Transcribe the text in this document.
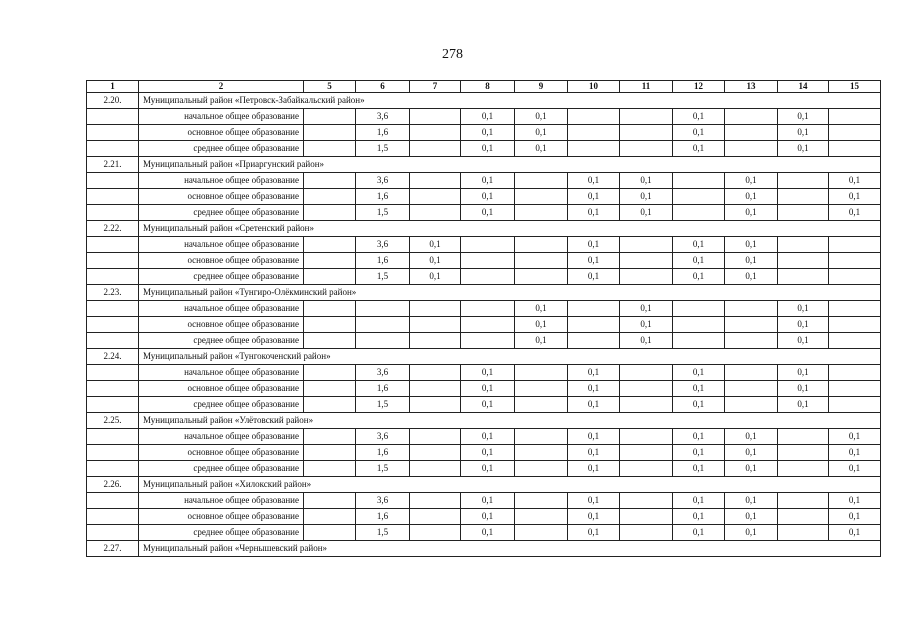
278
1	2	5	6	7	8	9	10	11	12	13	14	15
2.20.	Муниципальный район «Петровск-Забайкальский район»											
	начальное общее образование		3,6		0,1	0,1			0,1		0,1	
	основное общее образование		1,6		0,1	0,1			0,1		0,1	
	среднее общее образование		1,5		0,1	0,1			0,1		0,1	
2.21.	Муниципальный район «Приаргунский район»											
	начальное общее образование		3,6		0,1		0,1	0,1		0,1		0,1
	основное общее образование		1,6		0,1		0,1	0,1		0,1		0,1
	среднее общее образование		1,5		0,1		0,1	0,1		0,1		0,1
2.22.	Муниципальный район «Сретенский район»											
	начальное общее образование		3,6	0,1			0,1		0,1	0,1		
	основное общее образование		1,6	0,1			0,1		0,1	0,1		
	среднее общее образование		1,5	0,1			0,1		0,1	0,1		
2.23.	Муниципальный район «Тунгиро-Олёкминский район»											
	начальное общее образование					0,1		0,1			0,1	
	основное общее образование					0,1		0,1			0,1	
	среднее общее образование					0,1		0,1			0,1	
2.24.	Муниципальный район «Тунгокоченский район»											
	начальное общее образование		3,6		0,1		0,1		0,1		0,1	
	основное общее образование		1,6		0,1		0,1		0,1		0,1	
	среднее общее образование		1,5		0,1		0,1		0,1		0,1	
2.25.	Муниципальный район «Улётовский район»											
	начальное общее образование		3,6		0,1		0,1		0,1	0,1		0,1
	основное общее образование		1,6		0,1		0,1		0,1	0,1		0,1
	среднее общее образование		1,5		0,1		0,1		0,1	0,1		0,1
2.26.	Муниципальный район «Хилокский район»											
	начальное общее образование		3,6		0,1		0,1		0,1	0,1		0,1
	основное общее образование		1,6		0,1		0,1		0,1	0,1		0,1
	среднее общее образование		1,5		0,1		0,1		0,1	0,1		0,1
2.27.	Муниципальный район «Чернышевский район»											
